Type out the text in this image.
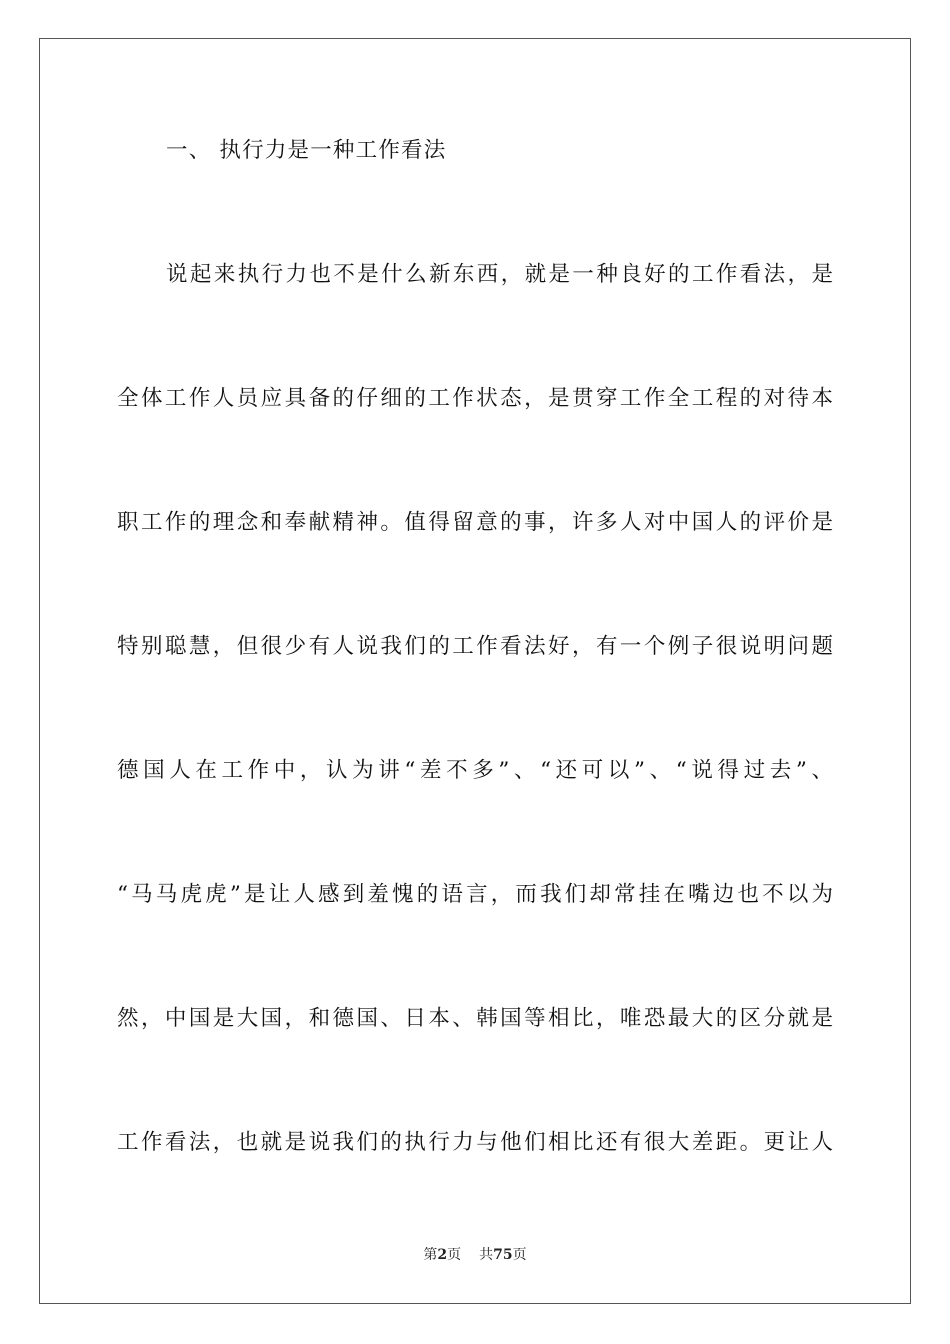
一、 执行力是一种工作看法
说起来执行力也不是什么新东西，就是一种良好的工作看法，是
全体工作人员应具备的仔细的工作状态，是贯穿工作全工程的对待本
职工作的理念和奉献精神。值得留意的事，许多人对中国人的评价是
特别聪慧，但很少有人说我们的工作看法好，有一个例子很说明问题
德国人在工作中，认为讲“差不多”、“还可以”、“说得过去”、
“马马虎虎”是让人感到羞愧的语言，而我们却常挂在嘴边也不以为
然，中国是大国，和德国、日本、韩国等相比，唯恐最大的区分就是
工作看法，也就是说我们的执行力与他们相比还有很大差距。更让人
第2页 共75页
